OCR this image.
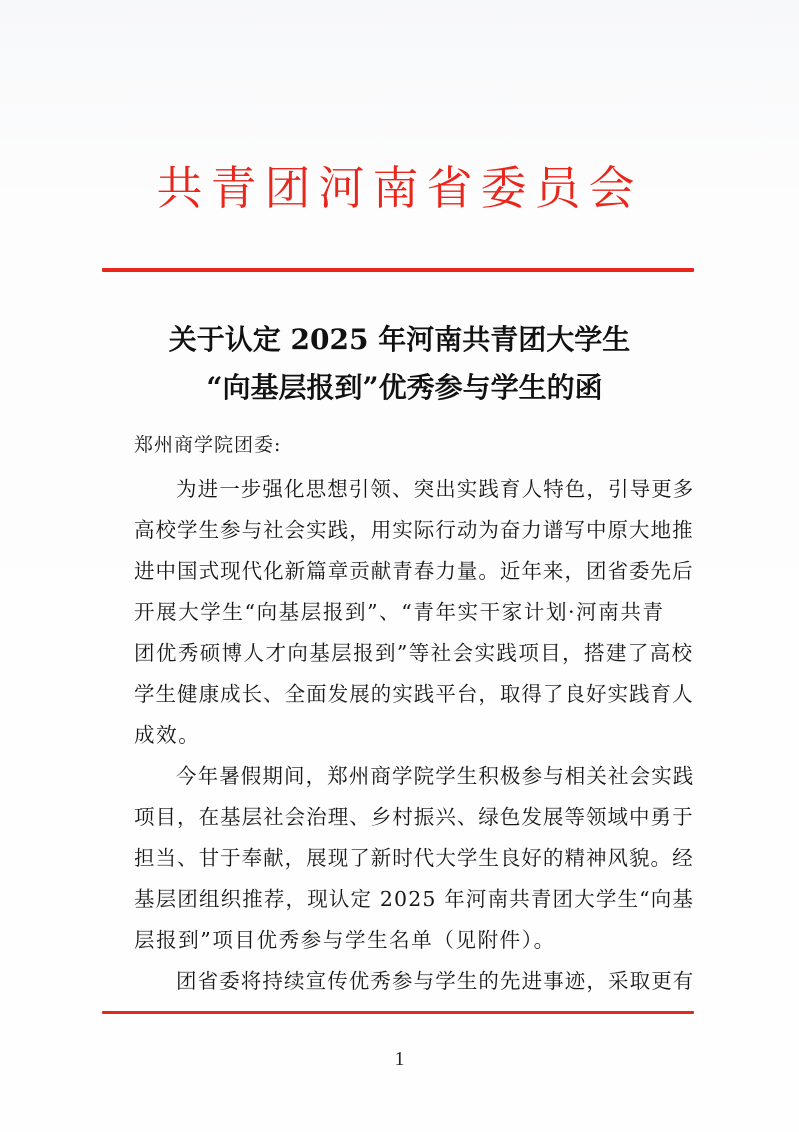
共青团河南省委员会
关于认定 2025 年河南共青团大学生
“向基层报到”优秀参与学生的函
郑州商学院团委:
为进一步强化思想引领、突出实践育人特色，引导更多
高校学生参与社会实践，用实际行动为奋力谱写中原大地推
进中国式现代化新篇章贡献青春力量。近年来，团省委先后
开展大学生“向基层报到”、“青年实干家计划·河南共青
团优秀硕博人才向基层报到”等社会实践项目，搭建了高校
学生健康成长、全面发展的实践平台，取得了良好实践育人
成效。
今年暑假期间，郑州商学院学生积极参与相关社会实践
项目，在基层社会治理、乡村振兴、绿色发展等领域中勇于
担当、甘于奉献，展现了新时代大学生良好的精神风貌。经
基层团组织推荐，现认定 2025 年河南共青团大学生“向基
层报到”项目优秀参与学生名单（见附件）。
团省委将持续宣传优秀参与学生的先进事迹，采取更有
1
